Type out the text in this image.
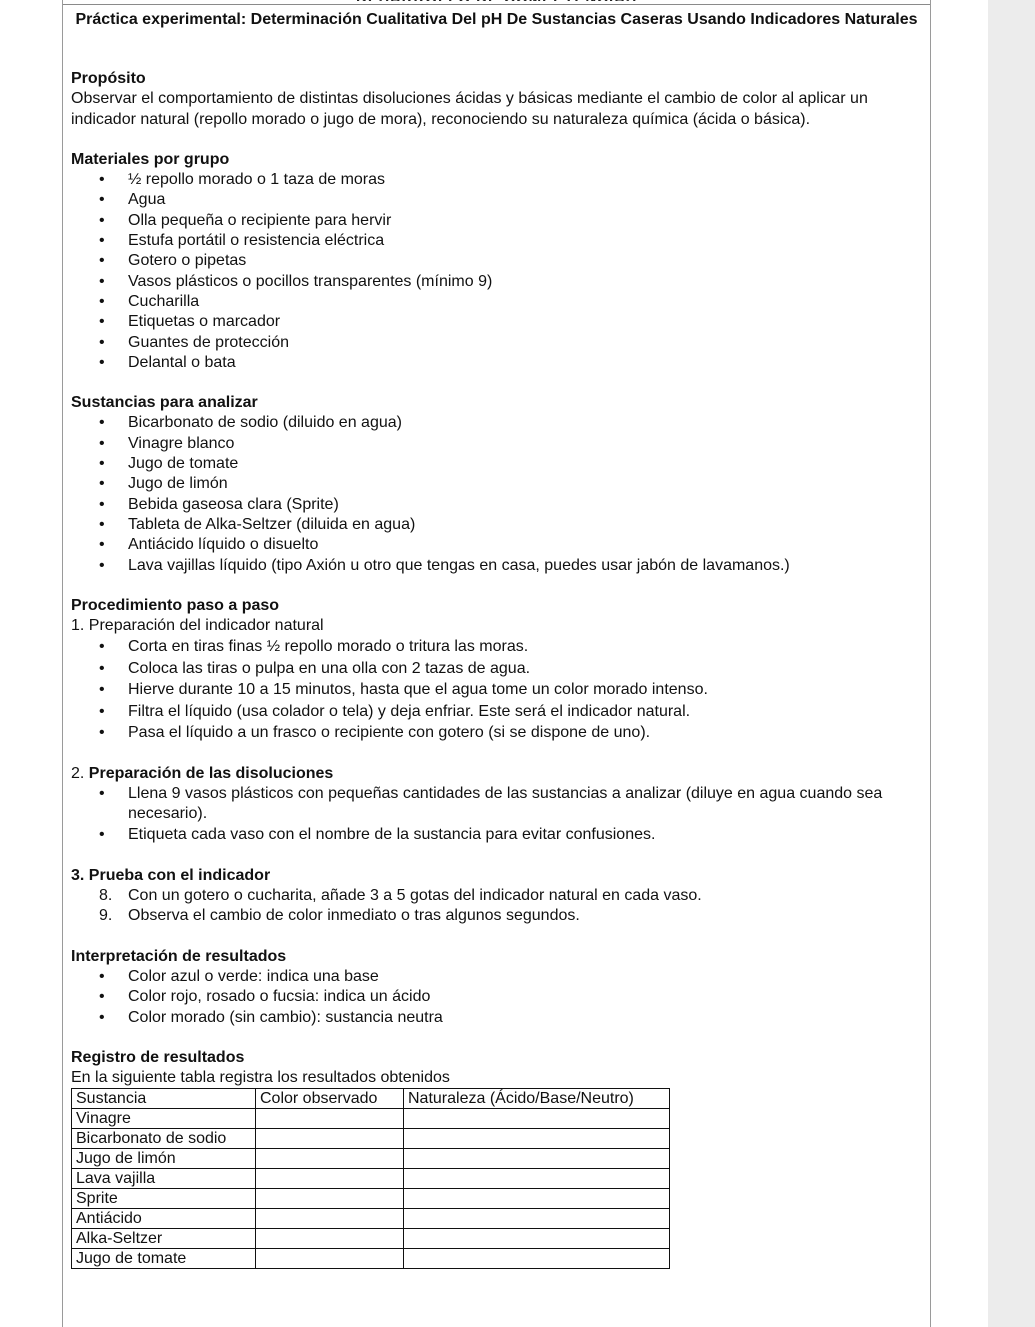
Práctica experimental: Determinación Cualitativa Del pH De Sustancias Caseras Usando Indicadores Naturales

Propósito

Observar el comportamiento de distintas disoluciones ácidas y básicas mediante el cambio de color al aplicar un indicador natural (repollo morado o jugo de mora), reconociendo su naturaleza química (ácida o básica).

Materiales por grupo

• ½ repollo morado o 1 taza de moras
• Agua
• Olla pequeña o recipiente para hervir
• Estufa portátil o resistencia eléctrica
• Gotero o pipetas
• Vasos plásticos o pocillos transparentes (mínimo 9)
• Cucharilla
• Etiquetas o marcador
• Guantes de protección
• Delantal o bata

Sustancias para analizar

• Bicarbonato de sodio (diluido en agua)
• Vinagre blanco
• Jugo de tomate
• Jugo de limón
• Bebida gaseosa clara (Sprite)
• Tableta de Alka-Seltzer (diluida en agua)
• Antiácido líquido o disuelto
• Lava vajillas líquido (tipo Axión u otro que tengas en casa, puedes usar jabón de lavamanos.)

Procedimiento paso a paso

1. Preparación del indicador natural

• Corta en tiras finas ½ repollo morado o tritura las moras.
• Coloca las tiras o pulpa en una olla con 2 tazas de agua.
• Hierve durante 10 a 15 minutos, hasta que el agua tome un color morado intenso.
• Filtra el líquido (usa colador o tela) y deja enfriar. Este será el indicador natural.
• Pasa el líquido a un frasco o recipiente con gotero (si se dispone de uno).

2. Preparación de las disoluciones

• Llena 9 vasos plásticos con pequeñas cantidades de las sustancias a analizar (diluye en agua cuando sea necesario).
• Etiqueta cada vaso con el nombre de la sustancia para evitar confusiones.

3. Prueba con el indicador

8. Con un gotero o cucharita, añade 3 a 5 gotas del indicador natural en cada vaso.
9. Observa el cambio de color inmediato o tras algunos segundos.

Interpretación de resultados

• Color azul o verde: indica una base
• Color rojo, rosado o fucsia: indica un ácido
• Color morado (sin cambio): sustancia neutra

Registro de resultados

En la siguiente tabla registra los resultados obtenidos

Sustancia	Color observado	Naturaleza (Ácido/Base/Neutro)
Vinagre		
Bicarbonato de sodio		
Jugo de limón		
Lava vajilla		
Sprite		
Antiácido		
Alka-Seltzer		
Jugo de tomate		
